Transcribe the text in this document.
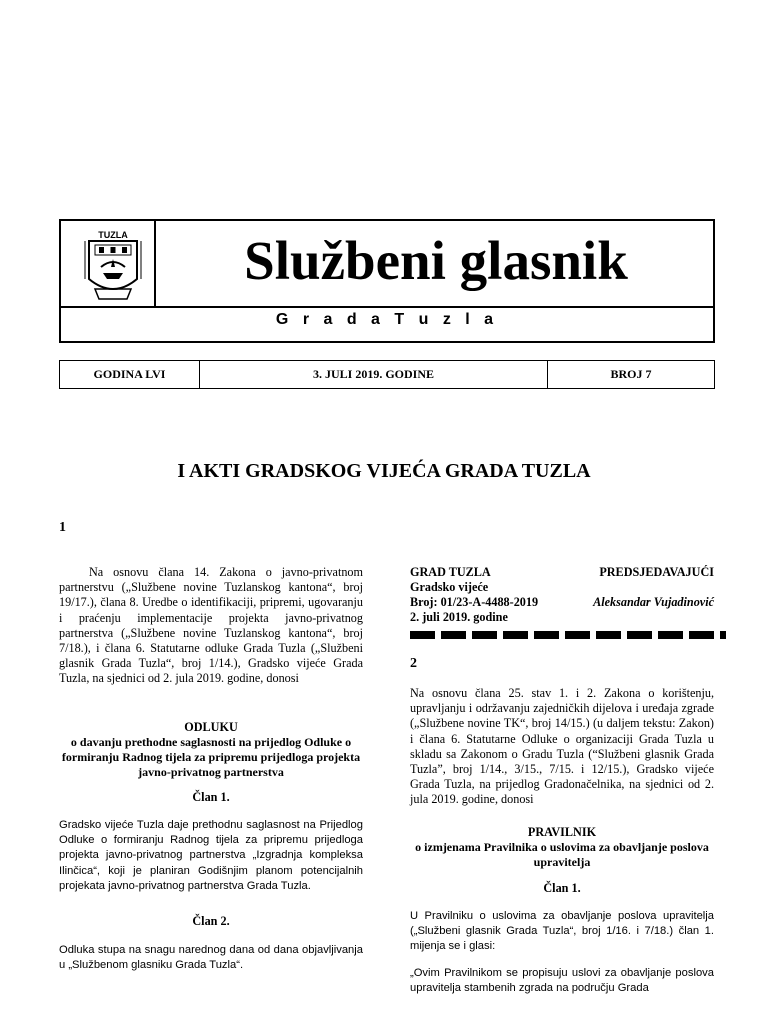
TUZLA	Službeni glasnik
G r a d a T u z l a
GODINA LVI	3. JULI 2019. GODINE	BROJ 7
I AKTI GRADSKOG VIJEĆA GRADA TUZLA
1

Na osnovu člana 14. Zakona o javno-privatnom partnerstvu („Službene novine Tuzlanskog kantona“, broj 19/17.), člana 8. Uredbe o identifikaciji, pripremi, ugovaranju i praćenju implementacije projekta javno-privatnog partnerstva („Službene novine Tuzlanskog kantona“, broj 7/18.), i člana 6. Statutarne odluke Grada Tuzla („Službeni glasnik Grada Tuzla“, broj 1/14.), Gradsko vijeće Grada Tuzla, na sjednici od 2. jula 2019. godine, donosi

ODLUKU
o davanju prethodne saglasnosti na prijedlog Odluke o formiranju Radnog tijela za pripremu prijedloga projekta javno-privatnog partnerstva
Član 1.
Gradsko vijeće Tuzla daje prethodnu saglasnost na Prijedlog Odluke o formiranju Radnog tijela za pripremu prijedloga projekta javno-privatnog partnerstva „Izgradnja kompleksa Ilinčica“, koji je planiran Godišnjim planom potencijalnih projekata javno-privatnog partnerstva Grada Tuzla.
Član 2.
Odluka stupa na snagu narednog dana od dana objavljivanja u „Službenom glasniku Grada Tuzla“.
GRAD TUZLA	PREDSJEDAVAJUĆI
Gradsko vijeće
Broj: 01/23-A-4488-2019	Aleksandar Vujadinović
2. juli 2019. godine
2

Na osnovu člana 25. stav 1. i 2. Zakona o korištenju, upravljanju i održavanju zajedničkih dijelova i uređaja zgrade („Službene novine TK“, broj 14/15.) (u daljem tekstu: Zakon) i člana 6. Statutarne Odluke o organizaciji Grada Tuzla u skladu sa Zakonom o Gradu Tuzla (“Službeni glasnik Grada Tuzla”, broj 1/14., 3/15., 7/15. i 12/15.), Gradsko vijeće Grada Tuzla, na prijedlog Gradonačelnika, na sjednici od 2. jula 2019. godine, donosi

PRAVILNIK
o izmjenama Pravilnika o uslovima za obavljanje poslova upravitelja
Član 1.
U Pravilniku o uslovima za obavljanje poslova upravitelja („Službeni glasnik Grada Tuzla“, broj 1/16. i 7/18.) član 1. mijenja se i glasi:
„Ovim Pravilnikom se propisuju uslovi za obavljanje poslova upravitelja stambenih zgrada na području Grada
